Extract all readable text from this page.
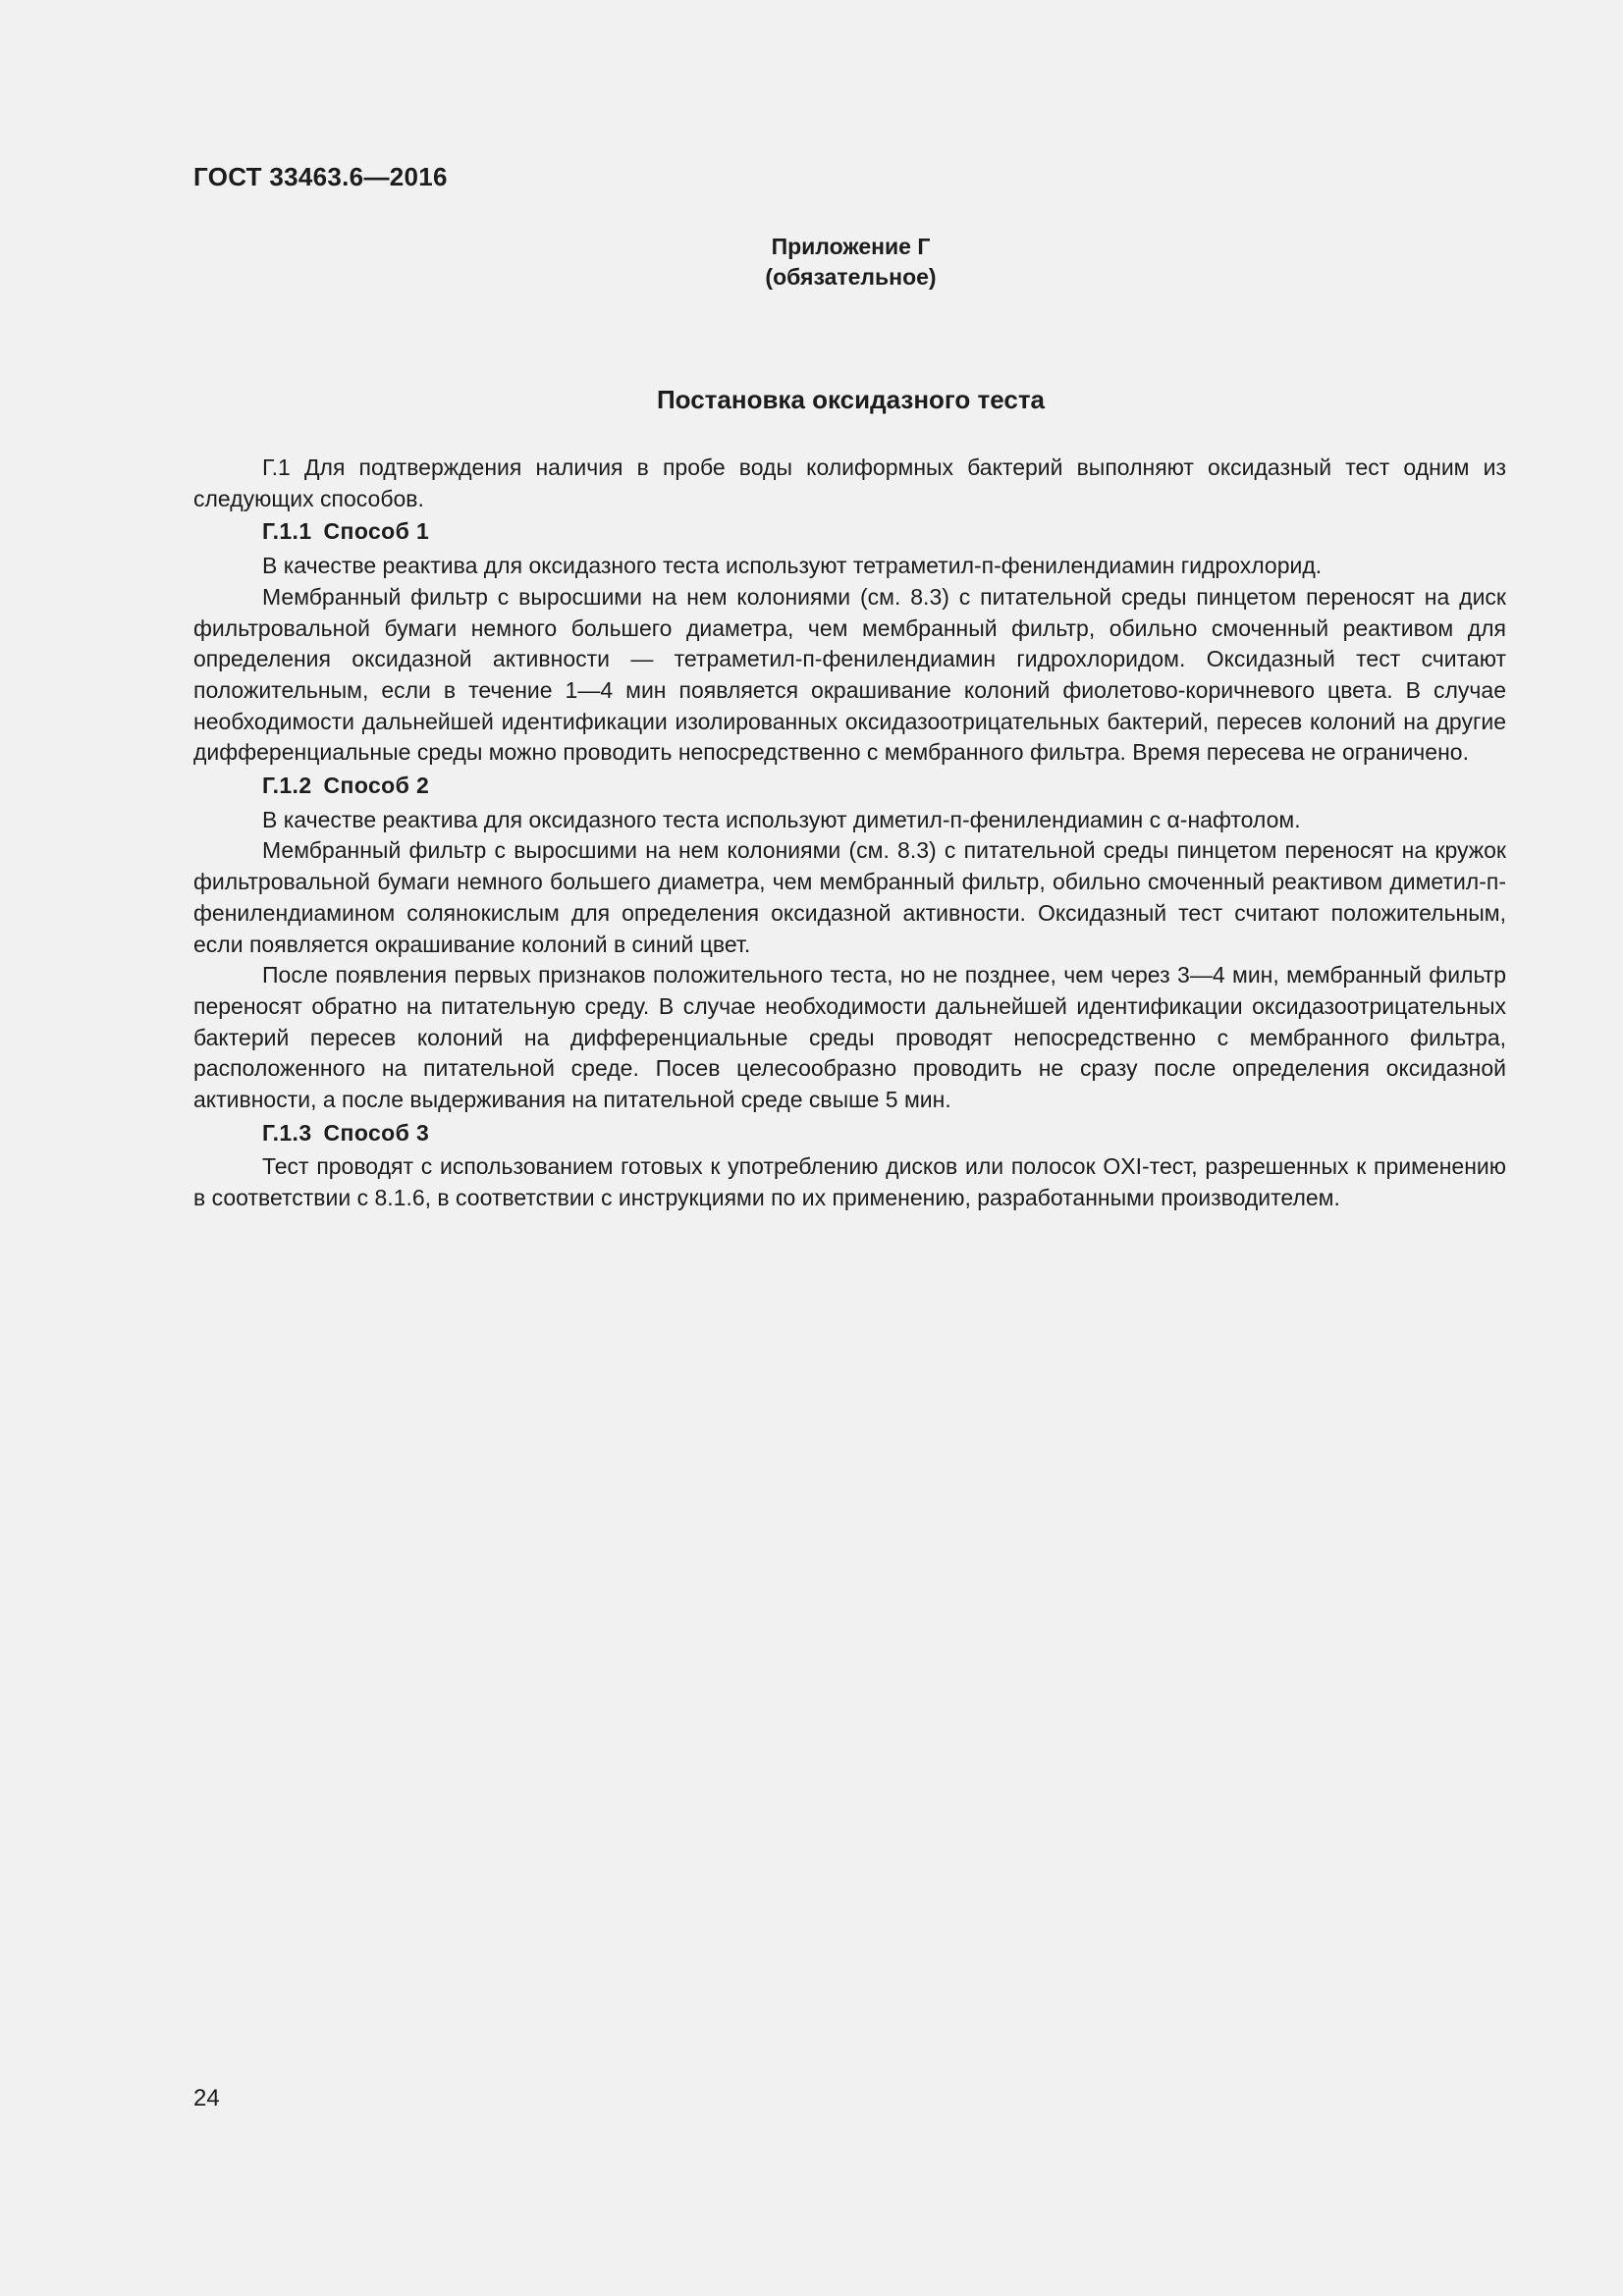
ГОСТ 33463.6—2016
Приложение Г
(обязательное)
Постановка оксидазного теста

Г.1 Для подтверждения наличия в пробе воды колиформных бактерий выполняют оксидазный тест одним из следующих способов.

Г.1.1 Способ 1

В качестве реактива для оксидазного теста используют тетраметил-п-фенилендиамин гидрохлорид.

Мембранный фильтр с выросшими на нем колониями (см. 8.3) с питательной среды пинцетом переносят на диск фильтровальной бумаги немного большего диаметра, чем мембранный фильтр, обильно смоченный реактивом для определения оксидазной активности — тетраметил-п-фенилендиамин гидрохлоридом. Оксидазный тест считают положительным, если в течение 1—4 мин появляется окрашивание колоний фиолетово-коричневого цвета. В случае необходимости дальнейшей идентификации изолированных оксидазоотрицательных бактерий, пересев колоний на другие дифференциальные среды можно проводить непосредственно с мембранного фильтра. Время пересева не ограничено.

Г.1.2 Способ 2

В качестве реактива для оксидазного теста используют диметил-п-фенилендиамин с α-нафтолом.

Мембранный фильтр с выросшими на нем колониями (см. 8.3) с питательной среды пинцетом переносят на кружок фильтровальной бумаги немного большего диаметра, чем мембранный фильтр, обильно смоченный реактивом диметил-п-фенилендиамином солянокислым для определения оксидазной активности. Оксидазный тест считают положительным, если появляется окрашивание колоний в синий цвет.

После появления первых признаков положительного теста, но не позднее, чем через 3—4 мин, мембранный фильтр переносят обратно на питательную среду. В случае необходимости дальнейшей идентификации оксидазоотрицательных бактерий пересев колоний на дифференциальные среды проводят непосредственно с мембранного фильтра, расположенного на питательной среде. Посев целесообразно проводить не сразу после определения оксидазной активности, а после выдерживания на питательной среде свыше 5 мин.

Г.1.3 Способ 3

Тест проводят с использованием готовых к употреблению дисков или полосок OXI-тест, разрешенных к применению в соответствии с 8.1.6, в соответствии с инструкциями по их применению, разработанными производителем.

24
